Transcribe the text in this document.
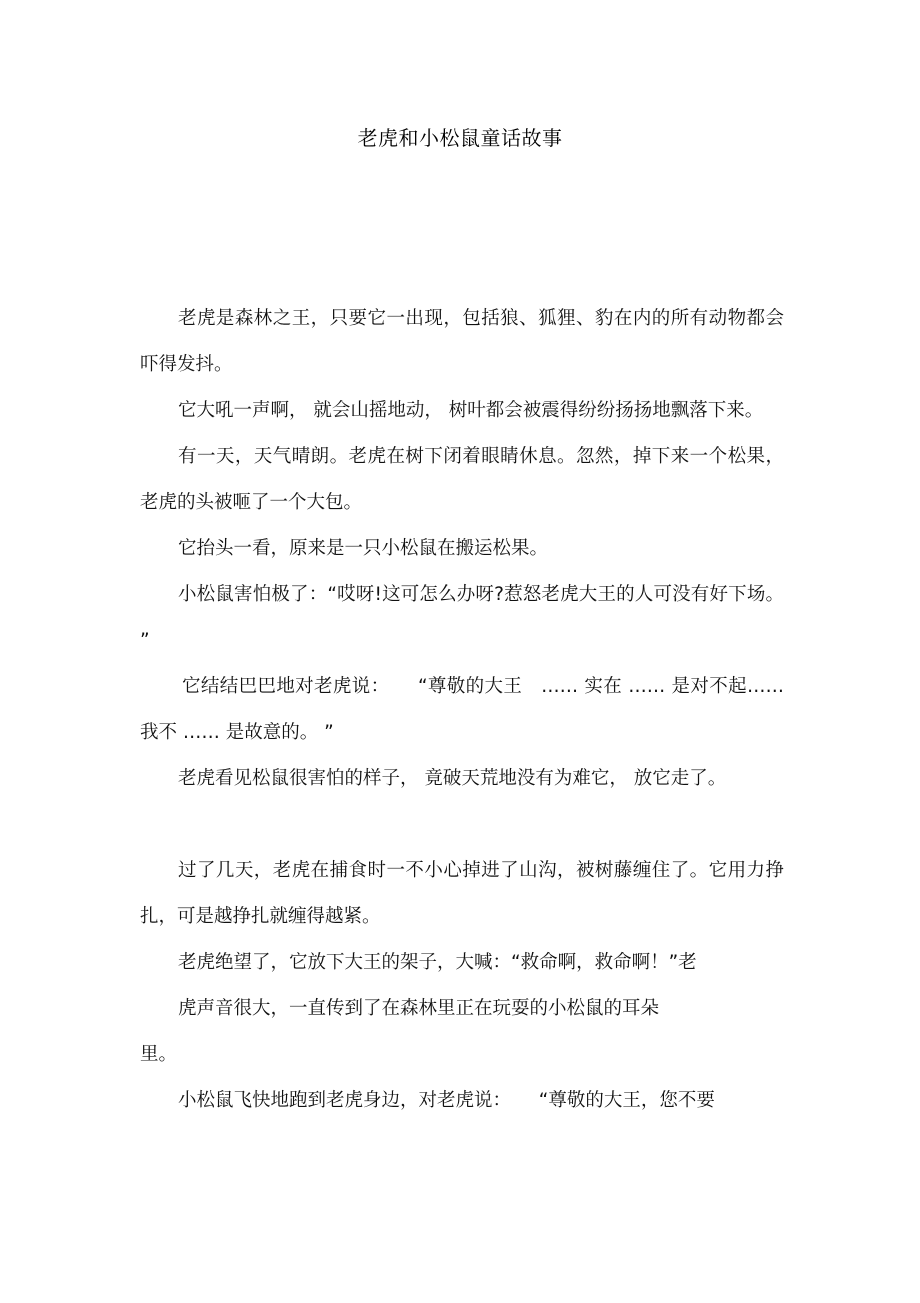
老虎和小松鼠童话故事

老虎是森林之王，只要它一出现，包括狼、狐狸、豹在内的所有动物都会吓得发抖。

它大吼一声啊， 就会山摇地动， 树叶都会被震得纷纷扬扬地飘落下来。

有一天，天气晴朗。老虎在树下闭着眼睛休息。忽然，掉下来一个松果，老虎的头被咂了一个大包。

它抬头一看，原来是一只小松鼠在搬运松果。

小松鼠害怕极了：“哎呀!这可怎么办呀?惹怒老虎大王的人可没有好下场。 ”

它结结巴巴地对老虎说：　　“尊敬的大王　…… 实在 …… 是对不起…… 我不 …… 是故意的。 ”

老虎看见松鼠很害怕的样子， 竟破天荒地没有为难它， 放它走了。

过了几天，老虎在捕食时一不小心掉进了山沟，被树藤缠住了。它用力挣扎，可是越挣扎就缠得越紧。

老虎绝望了，它放下大王的架子，大喊：“救命啊，救命啊！”老
虎声音很大，一直传到了在森林里正在玩耍的小松鼠的耳朵
里。

小松鼠飞快地跑到老虎身边，对老虎说：　　“尊敬的大王，您不要
